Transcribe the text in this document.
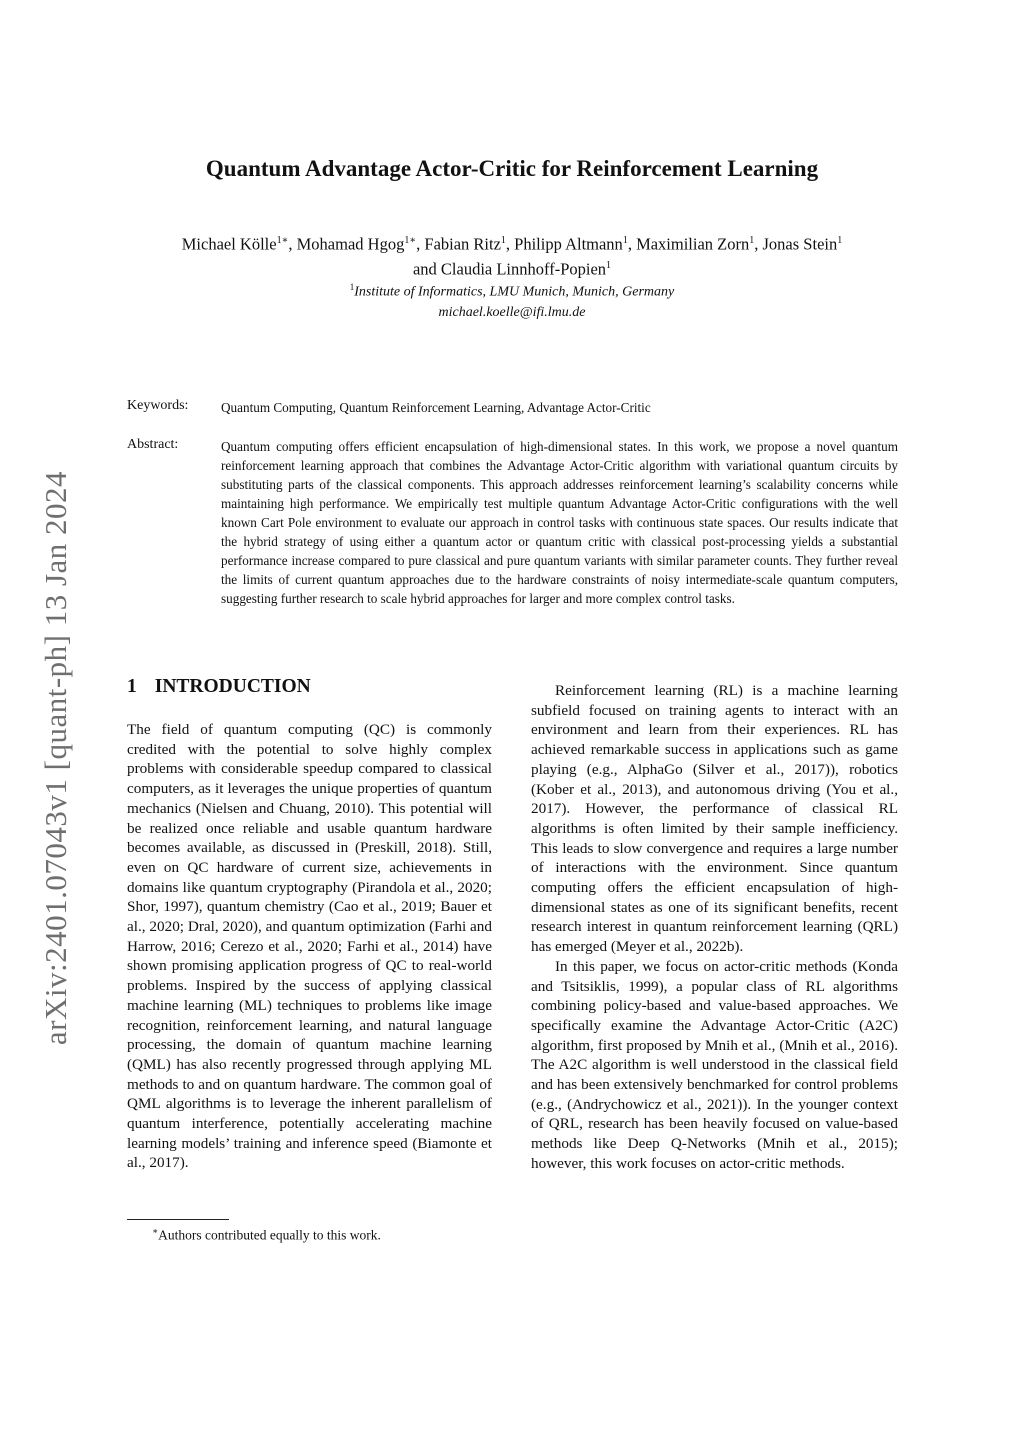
arXiv:2401.07043v1 [quant-ph] 13 Jan 2024
Quantum Advantage Actor-Critic for Reinforcement Learning
Michael Kölle$^{1∗}$, Mohamad Hgog$^{1∗}$, Fabian Ritz$^1$, Philipp Altmann$^1$, Maximilian Zorn$^1$, Jonas Stein$^1$
and Claudia Linnhoff-Popien$^1$
$^1$Institute of Informatics, LMU Munich, Munich, Germany
michael.koelle@ifi.lmu.de
Keywords: Quantum Computing, Quantum Reinforcement Learning, Advantage Actor-Critic
Abstract:	Quantum computing offers efficient encapsulation of high-dimensional states. In this work, we propose a novel quantum reinforcement learning approach that combines the Advantage Actor-Critic algorithm with variational quantum circuits by substituting parts of the classical components. This approach addresses reinforcement learning’s scalability concerns while maintaining high performance. We empirically test multiple quantum Advantage Actor-Critic configurations with the well known Cart Pole environment to evaluate our approach in control tasks with continuous state spaces. Our results indicate that the hybrid strategy of using either a quantum actor or quantum critic with classical post-processing yields a substantial performance increase compared to pure classical and pure quantum variants with similar parameter counts. They further reveal the limits of current quantum approaches due to the hardware constraints of noisy intermediate-scale quantum computers, suggesting further research to scale hybrid approaches for larger and more complex control tasks.
1 INTRODUCTION

The field of quantum computing (QC) is commonly credited with the potential to solve highly complex problems with considerable speedup compared to classical computers, as it leverages the unique properties of quantum mechanics (Nielsen and Chuang, 2010). This potential will be realized once reliable and usable quantum hardware becomes available, as discussed in (Preskill, 2018). Still, even on QC hardware of current size, achievements in domains like quantum cryptography (Pirandola et al., 2020; Shor, 1997), quantum chemistry (Cao et al., 2019; Bauer et al., 2020; Dral, 2020), and quantum optimization (Farhi and Harrow, 2016; Cerezo et al., 2020; Farhi et al., 2014) have shown promising application progress of QC to real-world problems. Inspired by the success of applying classical machine learning (ML) techniques to problems like image recognition, reinforcement learning, and natural language processing, the domain of quantum machine learning (QML) has also recently progressed through applying ML methods to and on quantum hardware. The common goal of QML algorithms is to leverage the inherent parallelism of quantum interference, potentially accelerating machine learning models’ training and inference speed (Biamonte et al., 2017).

Reinforcement learning (RL) is a machine learning subfield focused on training agents to interact with an environment and learn from their experiences. RL has achieved remarkable success in applications such as game playing (e.g., AlphaGo (Silver et al., 2017)), robotics (Kober et al., 2013), and autonomous driving (You et al., 2017). However, the performance of classical RL algorithms is often limited by their sample inefficiency. This leads to slow convergence and requires a large number of interactions with the environment. Since quantum computing offers the efficient encapsulation of high-dimensional states as one of its significant benefits, recent research interest in quantum reinforcement learning (QRL) has emerged (Meyer et al., 2022b).

In this paper, we focus on actor-critic methods (Konda and Tsitsiklis, 1999), a popular class of RL algorithms combining policy-based and value-based approaches. We specifically examine the Advantage Actor-Critic (A2C) algorithm, first proposed by Mnih et al., (Mnih et al., 2016). The A2C algorithm is well understood in the classical field and has been extensively benchmarked for control problems (e.g., (Andrychowicz et al., 2021)). In the younger context of QRL, research has been heavily focused on value-based methods like Deep Q-Networks (Mnih et al., 2015); however, this work focuses on actor-critic methods.

∗Authors contributed equally to this work.
